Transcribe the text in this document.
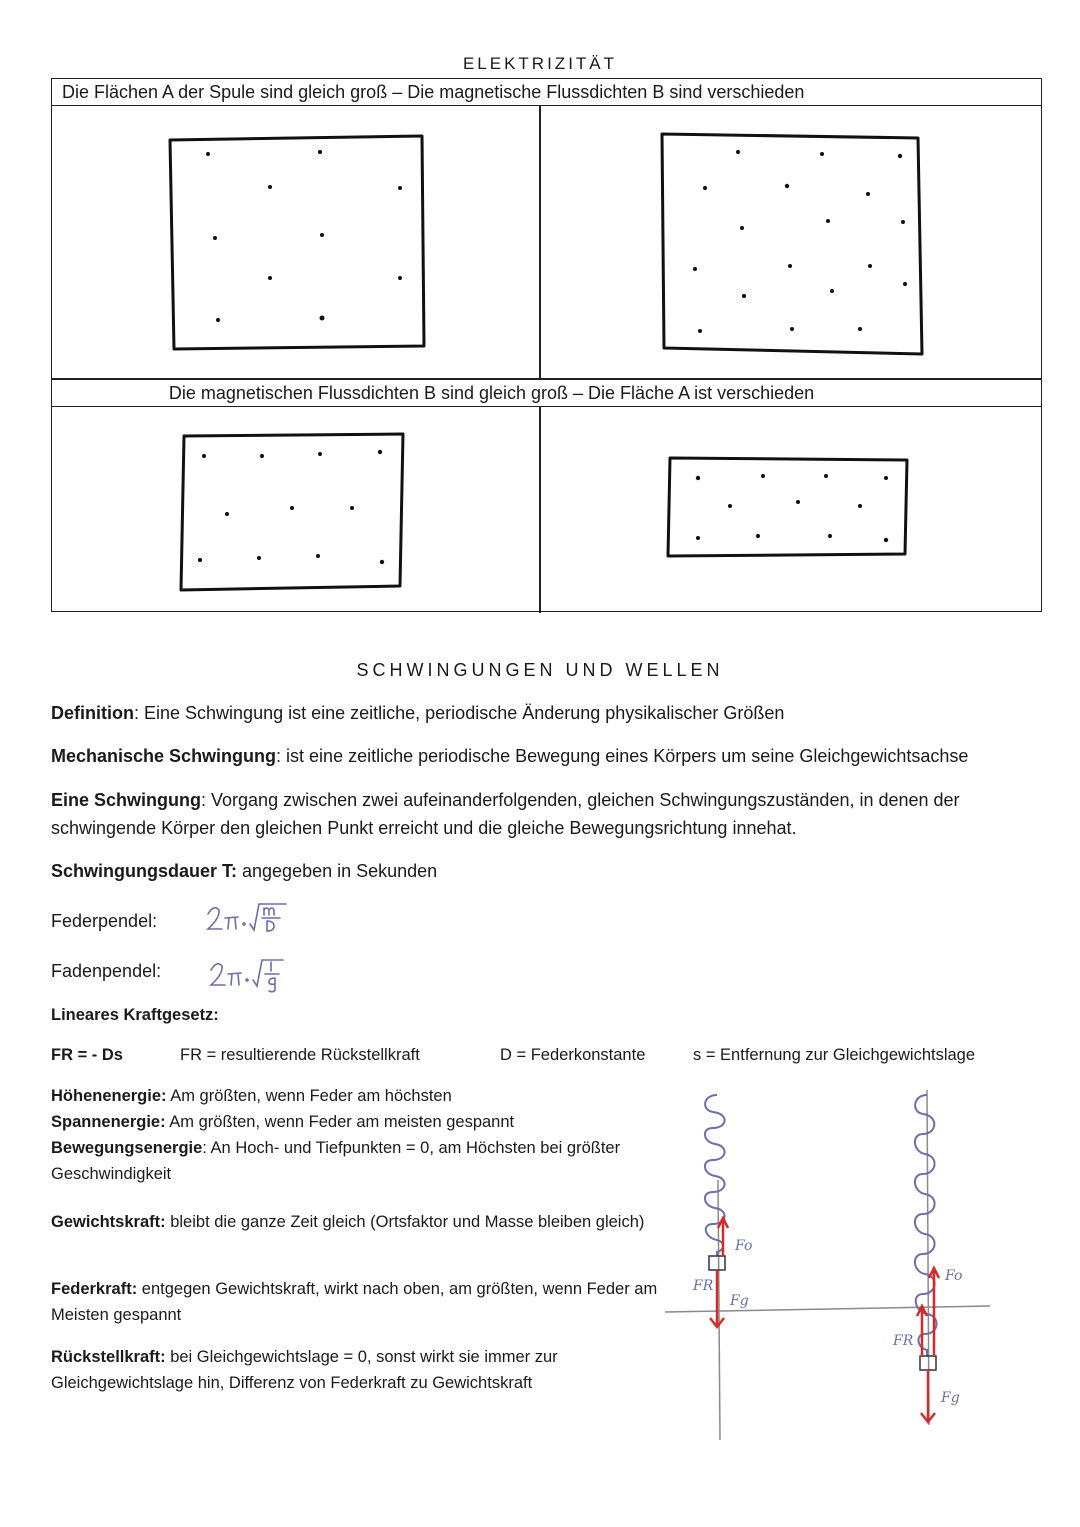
ELEKTRIZITÄT
Die Flächen A der Spule sind gleich groß – Die magnetische Flussdichten B sind verschieden
Die magnetischen Flussdichten B sind gleich groß – Die Fläche A ist verschieden
SCHWINGUNGEN UND WELLEN
Definition: Eine Schwingung ist eine zeitliche, periodische Änderung physikalischer Größen
Mechanische Schwingung: ist eine zeitliche periodische Bewegung eines Körpers um seine Gleichgewichtsachse
Eine Schwingung: Vorgang zwischen zwei aufeinanderfolgenden, gleichen Schwingungszuständen, in denen der schwingende Körper den gleichen Punkt erreicht und die gleiche Bewegungsrichtung innehat.
Schwingungsdauer T: angegeben in Sekunden
Federpendel:
Fadenpendel:
Lineares Kraftgesetz:
FR = - Ds	FR = resultierende Rückstellkraft	D = Federkonstante	s = Entfernung zur Gleichgewichtslage
Höhenenergie: Am größten, wenn Feder am höchsten
Spannenergie: Am größten, wenn Feder am meisten gespannt
Bewegungsenergie: An Hoch- und Tiefpunkten = 0, am Höchsten bei größter Geschwindigkeit
Gewichtskraft: bleibt die ganze Zeit gleich (Ortsfaktor und Masse bleiben gleich)
Federkraft: entgegen Gewichtskraft, wirkt nach oben, am größten, wenn Feder am Meisten gespannt
Rückstellkraft: bei Gleichgewichtslage = 0, sonst wirkt sie immer zur Gleichgewichtslage hin, Differenz von Federkraft zu Gewichtskraft
Fo
Fg
FR
Fo
Fg
FR
